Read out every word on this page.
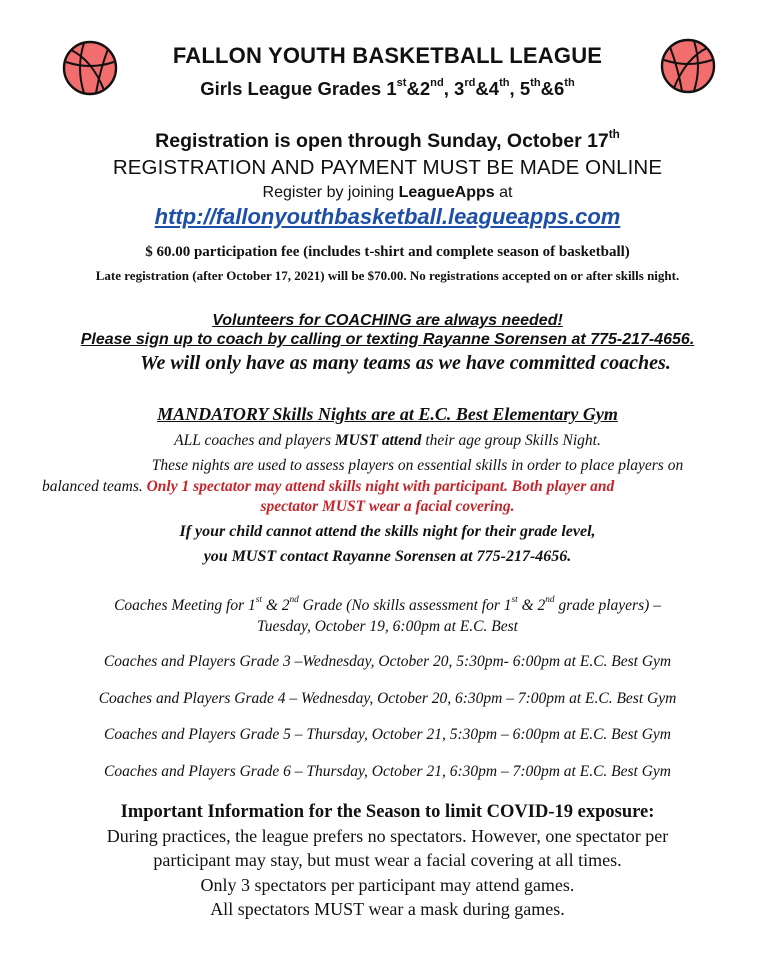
FALLON YOUTH BASKETBALL LEAGUE
Girls League Grades 1st&2nd, 3rd&4th, 5th&6th
Registration is open through Sunday, October 17th
REGISTRATION AND PAYMENT MUST BE MADE ONLINE
Register by joining LeagueApps at
http://fallonyouthbasketball.leagueapps.com
$ 60.00 participation fee (includes t-shirt and complete season of basketball)
Late registration (after October 17, 2021) will be $70.00. No registrations accepted on or after skills night.
Volunteers for COACHING are always needed!
Please sign up to coach by calling or texting Rayanne Sorensen at 775-217-4656.
We will only have as many teams as we have committed coaches.
MANDATORY Skills Nights are at E.C. Best Elementary Gym
ALL coaches and players MUST attend their age group Skills Night.
These nights are used to assess players on essential skills in order to place players on
balanced teams. Only 1 spectator may attend skills night with participant. Both player and
spectator MUST wear a facial covering.
If your child cannot attend the skills night for their grade level,
you MUST contact Rayanne Sorensen at 775-217-4656.
Coaches Meeting for 1st & 2nd Grade (No skills assessment for 1st & 2nd grade players) –
Tuesday, October 19, 6:00pm at E.C. Best
Coaches and Players Grade 3 –Wednesday, October 20, 5:30pm- 6:00pm at E.C. Best Gym
Coaches and Players Grade 4 – Wednesday, October 20, 6:30pm – 7:00pm at E.C. Best Gym
Coaches and Players Grade 5 – Thursday, October 21, 5:30pm – 6:00pm at E.C. Best Gym
Coaches and Players Grade 6 – Thursday, October 21, 6:30pm – 7:00pm at E.C. Best Gym
Important Information for the Season to limit COVID-19 exposure:
During practices, the league prefers no spectators. However, one spectator per
participant may stay, but must wear a facial covering at all times.
Only 3 spectators per participant may attend games.
All spectators MUST wear a mask during games.
